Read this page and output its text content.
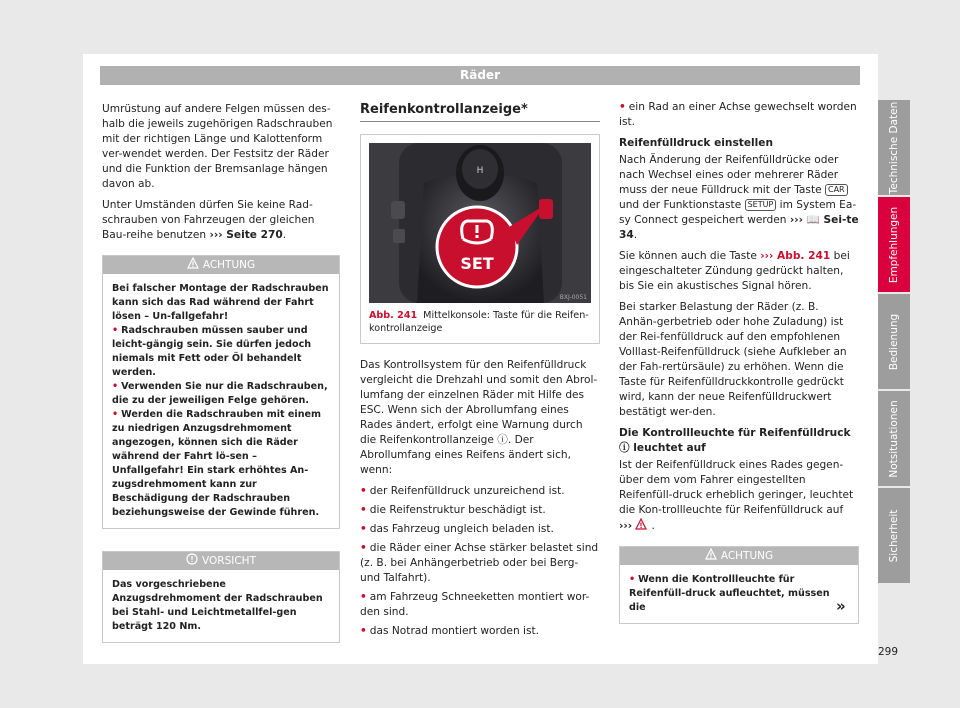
Räder

Umrüstung auf andere Felgen müssen des-halb die jeweils zugehörigen Radschrauben mit der richtigen Länge und Kalottenform ver-wendet werden. Der Festsitz der Räder und die Funktion der Bremsanlage hängen davon ab.

Unter Umständen dürfen Sie keine Rad-schrauben von Fahrzeugen der gleichen Bau-reihe benutzen ››› Seite 270.

ACHTUNG

Bei falscher Montage der Radschrauben kann sich das Rad während der Fahrt lösen – Un-fallgefahr!

• Radschrauben müssen sauber und leicht-gängig sein. Sie dürfen jedoch niemals mit Fett oder Öl behandelt werden.

• Verwenden Sie nur die Radschrauben, die zu der jeweiligen Felge gehören.

• Werden die Radschrauben mit einem zu niedrigen Anzugsdrehmoment angezogen, können sich die Räder während der Fahrt lö-sen – Unfallgefahr! Ein stark erhöhtes An-zugsdrehmoment kann zur Beschädigung der Radschrauben beziehungsweise der Gewinde führen.

VORSICHT
Das vorgeschriebene Anzugsdrehmoment der Radschrauben bei Stahl- und Leichtmetallfel-gen beträgt 120 Nm.
Reifenkontrollanzeige*
H
SET
BXJ-0051
Abb. 241 Mittelkonsole: Taste für die Reifen-kontrollanzeige

Das Kontrollsystem für den Reifenfülldruck vergleicht die Drehzahl und somit den Abrol-lumfang der einzelnen Räder mit Hilfe des ESC. Wenn sich der Abrollumfang eines Rades ändert, erfolgt eine Warnung durch die Reifenkontrollanzeige ⓘ. Der Abrollumfang eines Reifens ändert sich, wenn:

• der Reifenfülldruck unzureichend ist.

• die Reifenstruktur beschädigt ist.

• das Fahrzeug ungleich beladen ist.

• die Räder einer Achse stärker belastet sind (z. B. bei Anhängerbetrieb oder bei Berg- und Talfahrt).

• am Fahrzeug Schneeketten montiert wor-den sind.

• das Notrad montiert worden ist.

• ein Rad an einer Achse gewechselt worden ist.

Reifenfülldruck einstellen

Nach Änderung der Reifenfülldrücke oder nach Wechsel eines oder mehrerer Räder muss der neue Fülldruck mit der Taste CAR und der Funktionstaste SETUP im System Ea-sy Connect gespeichert werden ››› 📖 Sei-te 34.

Sie können auch die Taste ››› Abb. 241 bei eingeschalteter Zündung gedrückt halten, bis Sie ein akustisches Signal hören.

Bei starker Belastung der Räder (z. B. Anhän-gerbetrieb oder hohe Zuladung) ist der Rei-fenfülldruck auf den empfohlenen Volllast-Reifenfülldruck (siehe Aufkleber an der Fah-rertürsäule) zu erhöhen. Wenn die Taste für Reifenfülldruckkontrolle gedrückt wird, kann der neue Reifenfülldruckwert bestätigt wer-den.

Die Kontrollleuchte für Reifenfülldruck ⓘ leuchtet auf

Ist der Reifenfülldruck eines Rades gegen-über dem vom Fahrer eingestellten Reifenfüll-druck erheblich geringer, leuchtet die Kon-trollleuchte für Reifenfülldruck auf ››› .

ACHTUNG

• Wenn die Kontrollleuchte für Reifenfüll-druck aufleuchtet, müssen die	»
Technische Daten
Empfehlungen
Bedienung
Notsituationen
Sicherheit
299
